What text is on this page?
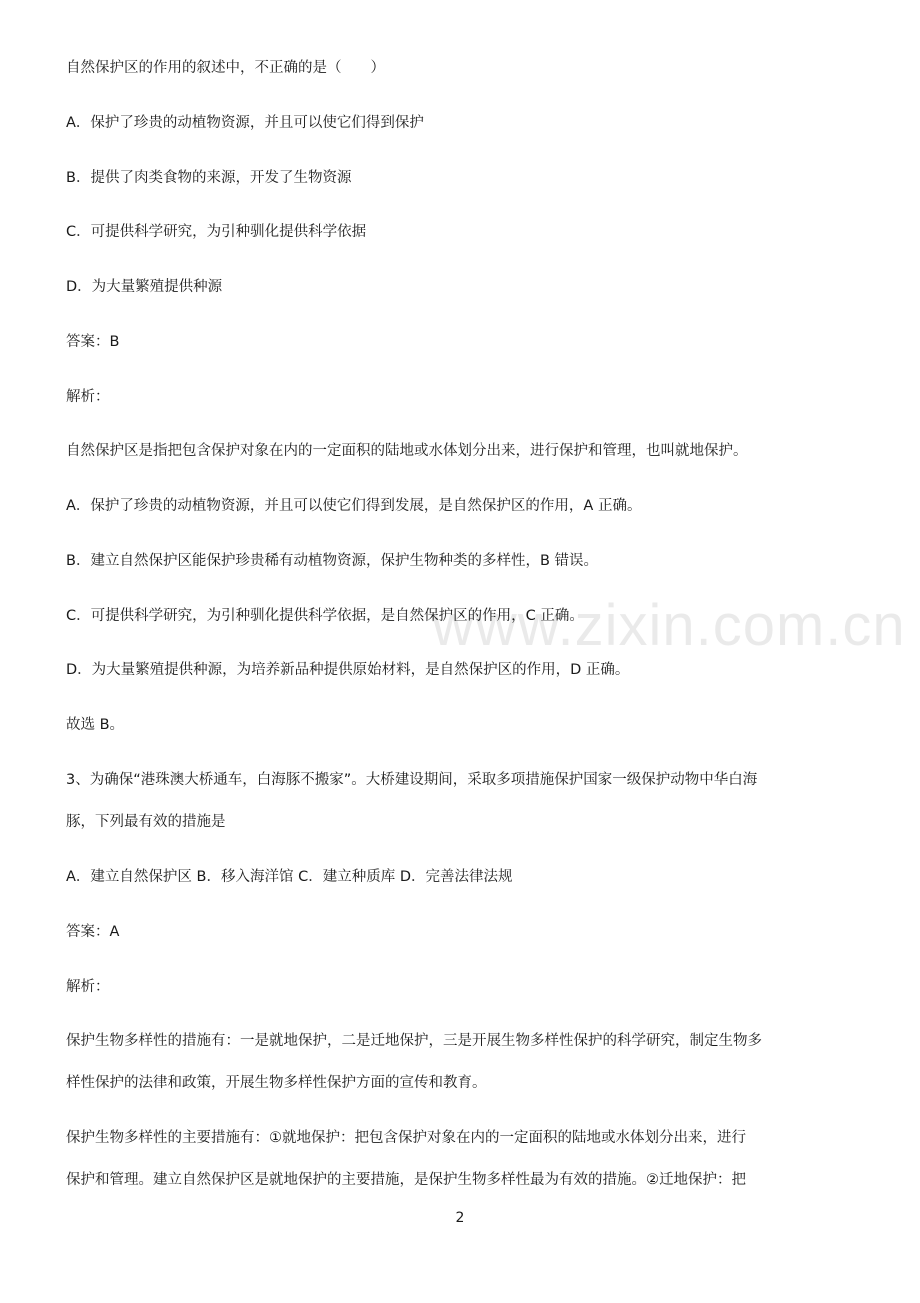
自然保护区的作用的叙述中，不正确的是（　　）
A．保护了珍贵的动植物资源，并且可以使它们得到保护
B．提供了肉类食物的来源，开发了生物资源
C．可提供科学研究，为引种驯化提供科学依据
D．为大量繁殖提供种源
答案：B
解析：
自然保护区是指把包含保护对象在内的一定面积的陆地或水体划分出来，进行保护和管理，也叫就地保护。
A．保护了珍贵的动植物资源，并且可以使它们得到发展，是自然保护区的作用，A 正确。
B．建立自然保护区能保护珍贵稀有动植物资源，保护生物种类的多样性，B 错误。
C．可提供科学研究，为引种驯化提供科学依据，是自然保护区的作用，C 正确。
D．为大量繁殖提供种源，为培养新品种提供原始材料，是自然保护区的作用，D 正确。
故选 B。
3、为确保“港珠澳大桥通车，白海豚不搬家”。大桥建设期间，采取多项措施保护国家一级保护动物中华白海
豚，下列最有效的措施是
A．建立自然保护区 B．移入海洋馆 C．建立种质库 D．完善法律法规
答案：A
解析：
保护生物多样性的措施有：一是就地保护，二是迁地保护，三是开展生物多样性保护的科学研究，制定生物多
样性保护的法律和政策，开展生物多样性保护方面的宣传和教育。
保护生物多样性的主要措施有：①就地保护：把包含保护对象在内的一定面积的陆地或水体划分出来，进行
保护和管理。建立自然保护区是就地保护的主要措施，是保护生物多样性最为有效的措施。②迁地保护：把
www.zixin.com.cn
2
